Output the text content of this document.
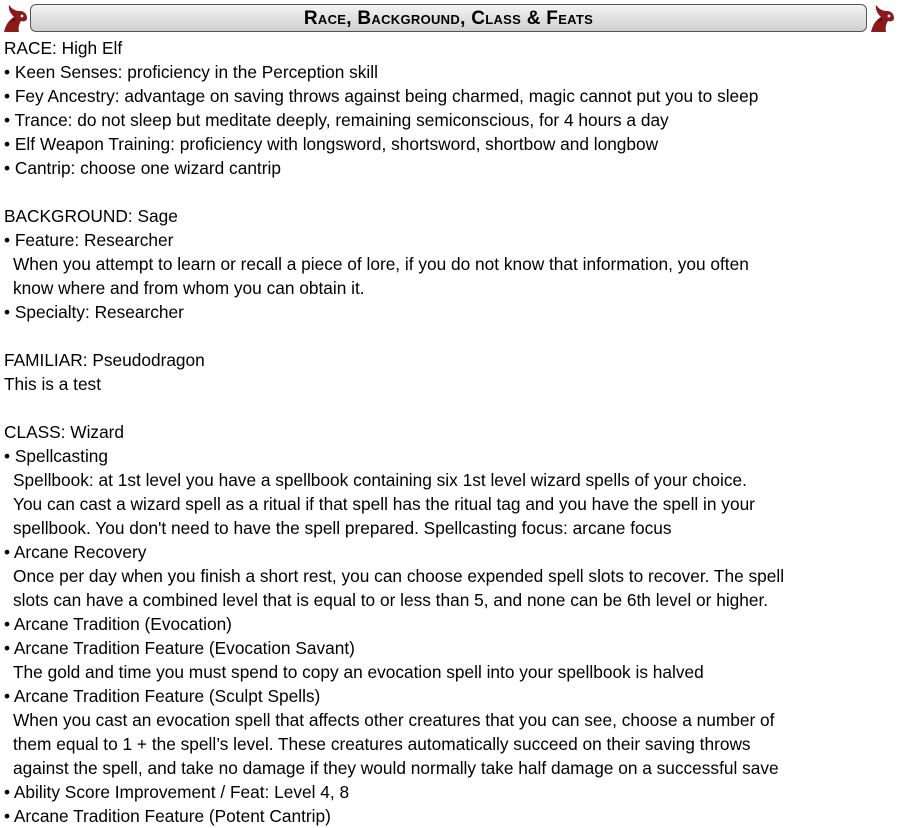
Race, Background, Class & Feats
RACE: High Elf
• Keen Senses: proficiency in the Perception skill
• Fey Ancestry: advantage on saving throws against being charmed, magic cannot put you to sleep
• Trance: do not sleep but meditate deeply, remaining semiconscious, for 4 hours a day
• Elf Weapon Training: proficiency with longsword, shortsword, shortbow and longbow
• Cantrip: choose one wizard cantrip
BACKGROUND: Sage
• Feature: Researcher
When you attempt to learn or recall a piece of lore, if you do not know that information, you often
know where and from whom you can obtain it.
• Specialty: Researcher
FAMILIAR: Pseudodragon
This is a test
CLASS: Wizard
• Spellcasting
Spellbook: at 1st level you have a spellbook containing six 1st level wizard spells of your choice.
You can cast a wizard spell as a ritual if that spell has the ritual tag and you have the spell in your
spellbook. You don't need to have the spell prepared. Spellcasting focus: arcane focus
• Arcane Recovery
Once per day when you finish a short rest, you can choose expended spell slots to recover. The spell
slots can have a combined level that is equal to or less than 5, and none can be 6th level or higher.
• Arcane Tradition (Evocation)
• Arcane Tradition Feature (Evocation Savant)
The gold and time you must spend to copy an evocation spell into your spellbook is halved
• Arcane Tradition Feature (Sculpt Spells)
When you cast an evocation spell that affects other creatures that you can see, choose a number of
them equal to 1 + the spell’s level. These creatures automatically succeed on their saving throws
against the spell, and take no damage if they would normally take half damage on a successful save
• Ability Score Improvement / Feat: Level 4, 8
• Arcane Tradition Feature (Potent Cantrip)
